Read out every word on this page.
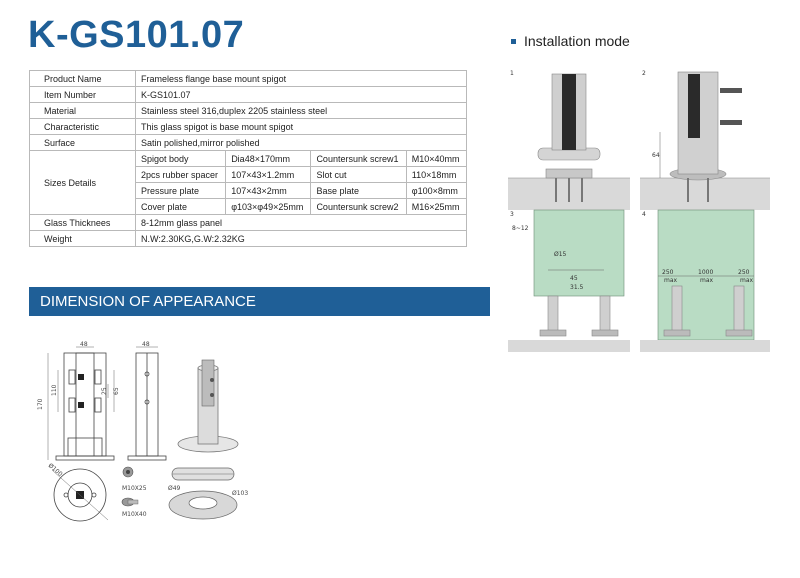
K-GS101.07
Product Name	Frameless flange base mount spigot			
Item Number	K-GS101.07			
Material	Stainless steel 316,duplex 2205 stainless steel			
Characteristic	This glass spigot is base mount spigot			
Surface	Satin polished,mirror polished			
Sizes Details	Spigot body	Dia48×170mm	Countersunk screw1	M10×40mm
	2pcs rubber spacer	107×43×1.2mm	Slot cut	110×18mm
	Pressure plate	107×43×2mm	Base plate	φ100×8mm
	Cover plate	φ103×φ49×25mm	Countersunk screw2	M16×25mm
Glass Thicknees	8-12mm glass panel			
Weight	N.W:2.30KG,G.W:2.32KG			
DIMENSION OF APPEARANCE
Installation mode
48
170
110	25 65
48
Ø100
M10X25
M10X40
Ø49
Ø103
1	2
64
3
8~12
Ø15
45
31.5
4
250	1000	250
max	max	max
